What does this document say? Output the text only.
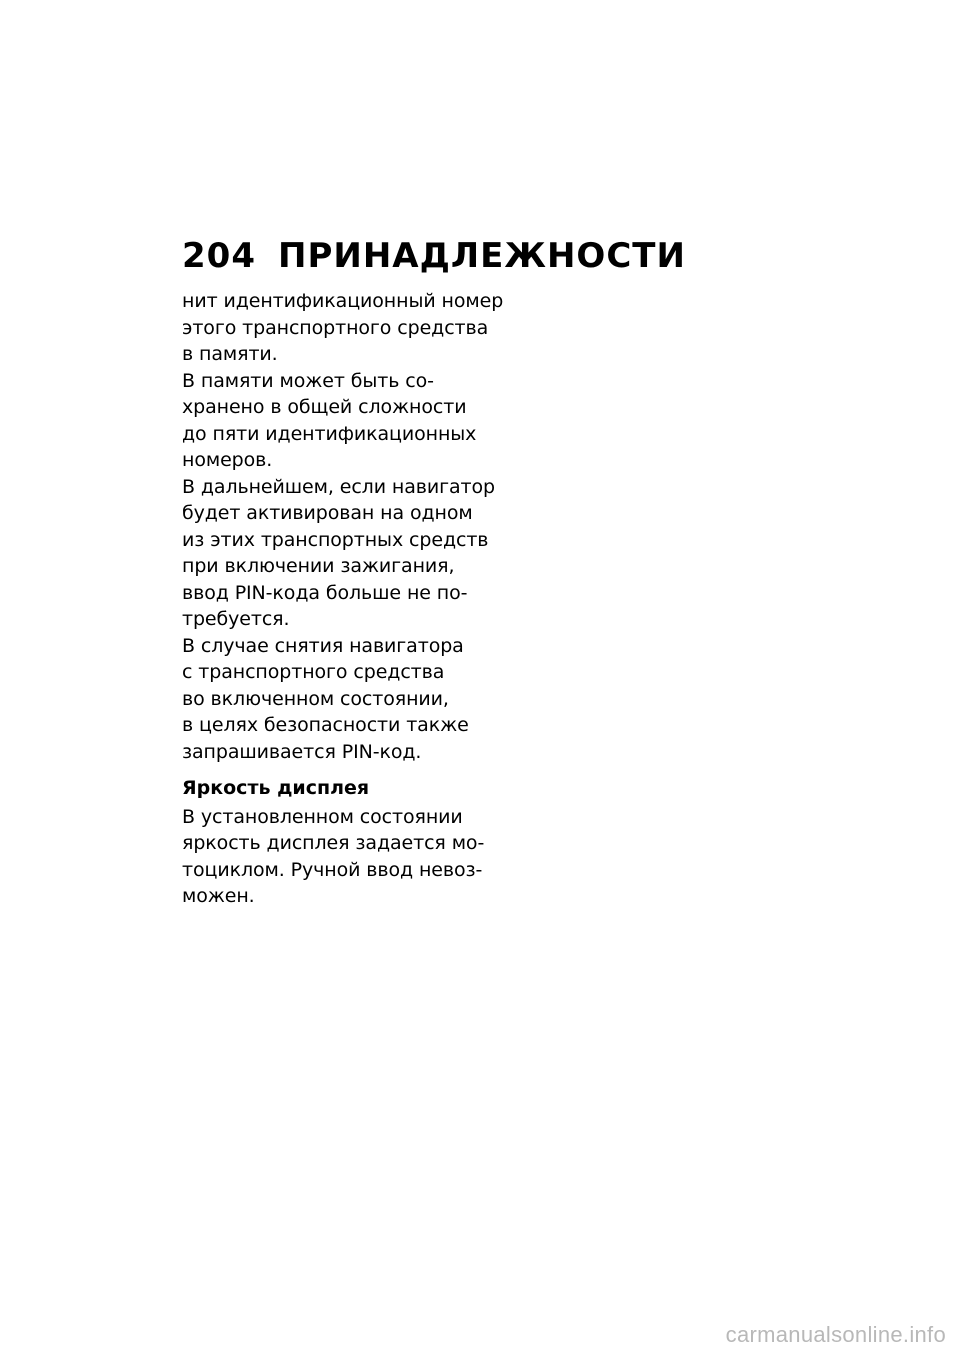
204 ПРИНАДЛЕЖНОСТИ
нит идентификационный номер
этого транспортного средства
в памяти.
В памяти может быть со-
хранено в общей сложности
до пяти идентификационных
номеров.
В дальнейшем, если навигатор
будет активирован на одном
из этих транспортных средств
при включении зажигания,
ввод PIN-кода больше не по-
требуется.
В случае снятия навигатора
с транспортного средства
во включенном состоянии,
в целях безопасности также
запрашивается PIN-код.
Яркость дисплея
В установленном состоянии
яркость дисплея задается мо-
тоциклом. Ручной ввод невоз-
можен.
carmanualsonline.info
